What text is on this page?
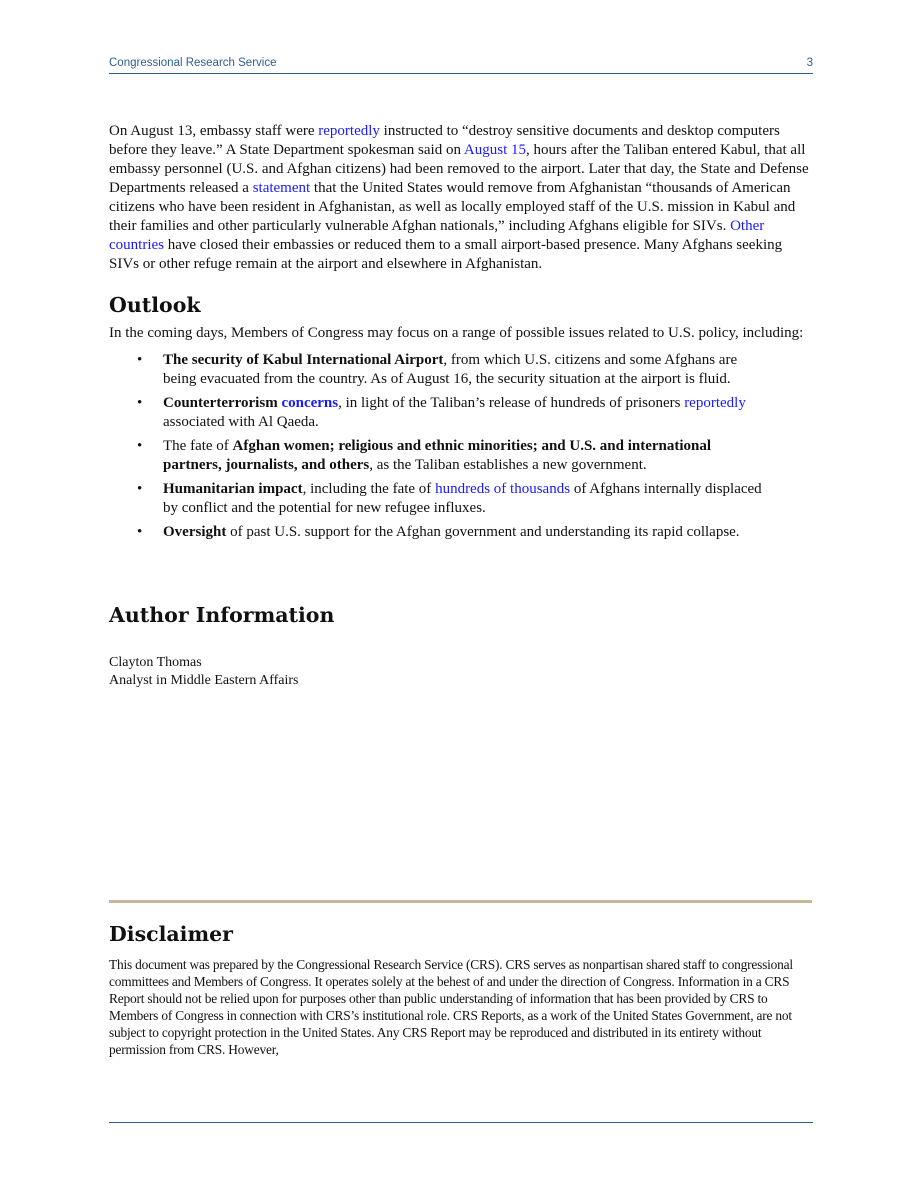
Congressional Research Service	3

On August 13, embassy staff were reportedly instructed to “destroy sensitive documents and desktop computers before they leave.” A State Department spokesman said on August 15, hours after the Taliban entered Kabul, that all embassy personnel (U.S. and Afghan citizens) had been removed to the airport. Later that day, the State and Defense Departments released a statement that the United States would remove from Afghanistan “thousands of American citizens who have been resident in Afghanistan, as well as locally employed staff of the U.S. mission in Kabul and their families and other particularly vulnerable Afghan nationals,” including Afghans eligible for SIVs. Other countries have closed their embassies or reduced them to a small airport-based presence. Many Afghans seeking SIVs or other refuge remain at the airport and elsewhere in Afghanistan.

Outlook

In the coming days, Members of Congress may focus on a range of possible issues related to U.S. policy, including:

• The security of Kabul International Airport, from which U.S. citizens and some Afghans are being evacuated from the country. As of August 16, the security situation at the airport is fluid.
• Counterterrorism concerns, in light of the Taliban’s release of hundreds of prisoners reportedly associated with Al Qaeda.
• The fate of Afghan women; religious and ethnic minorities; and U.S. and international partners, journalists, and others, as the Taliban establishes a new government.
• Humanitarian impact, including the fate of hundreds of thousands of Afghans internally displaced by conflict and the potential for new refugee influxes.
• Oversight of past U.S. support for the Afghan government and understanding its rapid collapse.
Author Information
Clayton Thomas
Analyst in Middle Eastern Affairs
Disclaimer

This document was prepared by the Congressional Research Service (CRS). CRS serves as nonpartisan shared staff to congressional committees and Members of Congress. It operates solely at the behest of and under the direction of Congress. Information in a CRS Report should not be relied upon for purposes other than public understanding of information that has been provided by CRS to Members of Congress in connection with CRS’s institutional role. CRS Reports, as a work of the United States Government, are not subject to copyright protection in the United States. Any CRS Report may be reproduced and distributed in its entirety without permission from CRS. However,
